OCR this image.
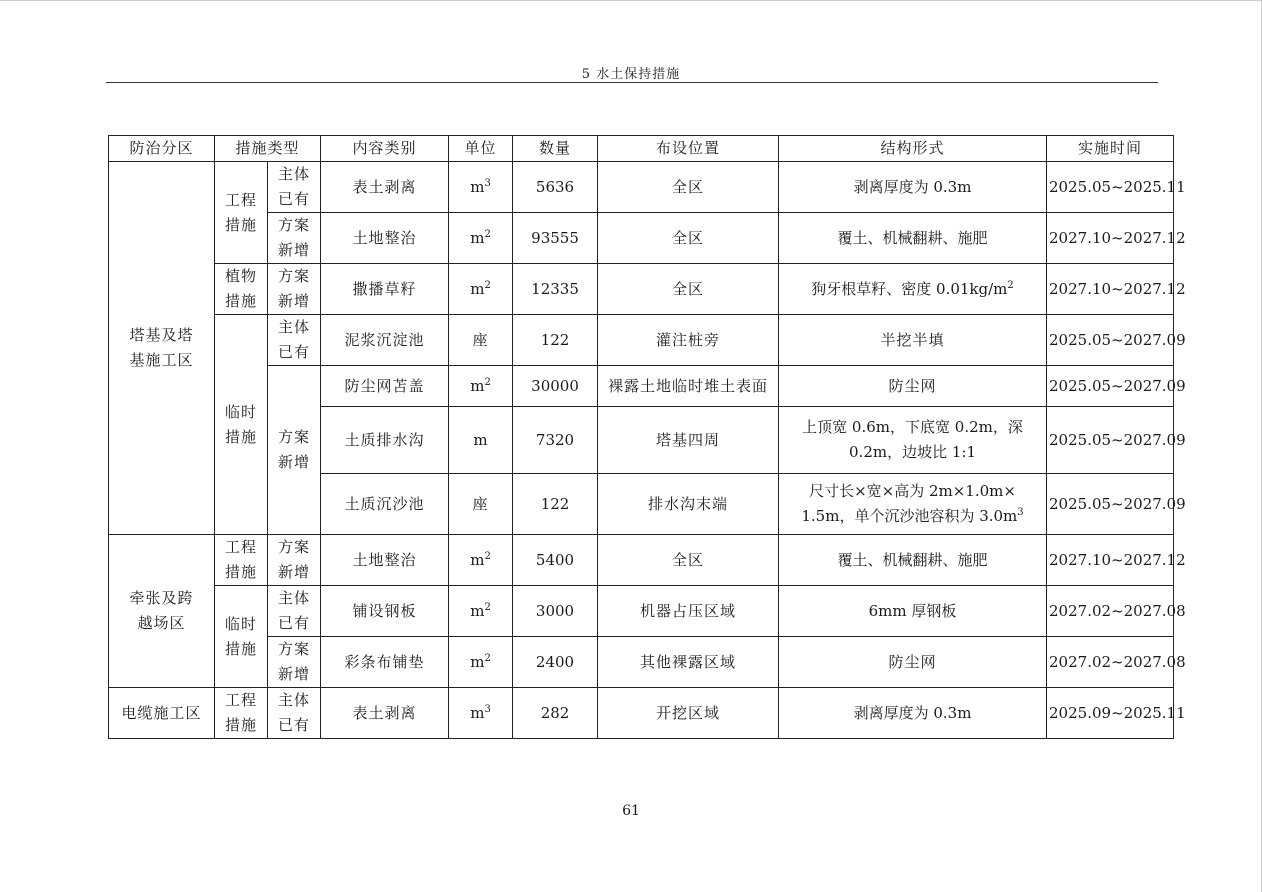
5 水土保持措施
防治分区	措施类型		内容类别	单位	数量	布设位置	结构形式	实施时间

塔基及塔基施工区	工程措施	主体已有	表土剥离	$m^3$	5636	全区	剥离厚度为 0.3m	2025.05~2025.11

		方案新增	土地整治	$m^2$	93555	全区	覆土、机械翻耕、施肥	2027.10~2027.12

	植物措施	方案新增	撒播草籽	$m^2$	12335	全区	狗牙根草籽、密度 $0.01kg/m^2$	2027.10~2027.12

	临时措施	主体已有	泥浆沉淀池	座	122	灌注桩旁	半挖半填	2025.05~2027.09

		方案新增	防尘网苫盖	$m^2$	30000	裸露土地临时堆土表面	防尘网	2025.05~2027.09
			土质排水沟	m	7320	塔基四周	上顶宽 0.6m，下底宽 0.2m，深
0.2m，边坡比 1:1	2025.05~2027.09
			土质沉沙池	座	122	排水沟末端	尺寸长×宽×高为 2m×1.0m×
1.5m，单个沉沙池容积为 $3.0m^3$	2025.05~2027.09

牵张及跨越场区	工程措施	方案新增	土地整治	$m^2$	5400	全区	覆土、机械翻耕、施肥	2027.10~2027.12

	临时措施	主体已有	铺设钢板	$m^2$	3000	机器占压区域	6mm 厚钢板	2027.02~2027.08

		方案新增	彩条布铺垫	$m^2$	2400	其他裸露区域	防尘网	2027.02~2027.08
电缆施工区	工程措施	主体已有	表土剥离	$m^3$	282	开挖区域	剥离厚度为 0.3m	2025.09~2025.11
61
